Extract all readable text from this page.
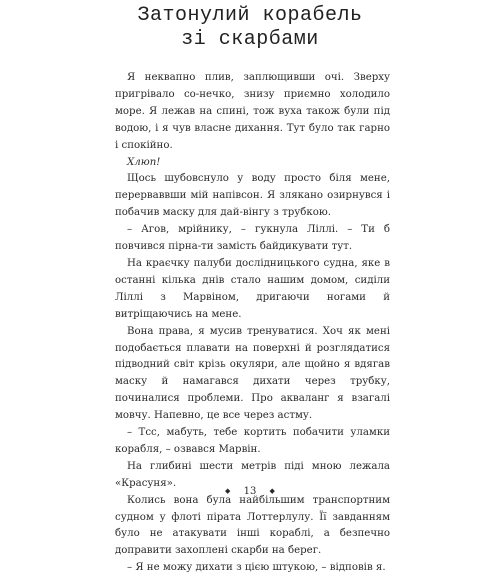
Затонулий корабель
зі скарбами

Я неквапно плив, заплющивши очі. Зверху пригрівало со-нечко, знизу приємно холодило море. Я лежав на спині, тож вуха також були під водою, і я чув власне дихання. Тут було так гарно і спокійно.

Хлюп!

Щось шубовснуло у воду просто біля мене, перерваввши мій напівсон. Я злякано озирнувся і побачив маску для дай-вінгу з трубкою.

– Агов, мрійнику, – гукнула Ліллі. – Ти б повчився пірна-ти замість байдикувати тут.

На краєчку палуби дослідницького судна, яке в останні кілька днів стало нашим домом, сиділи Ліллі з Марвіном, дригаючи ногами й витріщаючись на мене.

Вона права, я мусив тренуватися. Хоч як мені подобається плавати на поверхні й розглядатися підводний світ крізь окуляри, але щойно я вдягав маску й намагався дихати через трубку, починалися проблеми. Про акваланг я взагалі мовчу. Напевно, це все через астму.

– Тсс, мабуть, тебе кортить побачити уламки корабля, – озвався Марвін.

На глибині шести метрів піді мною лежала «Красуня».

Колись вона була найбільшим транспортним судном у флоті пірата Лоттерлулу. Її завданням було не атакувати інші кораблі, а безпечно доправити захоплені скарби на берег.

– Я не можу дихати з цією штукою, – відповів я.

◆ 13 ◆
